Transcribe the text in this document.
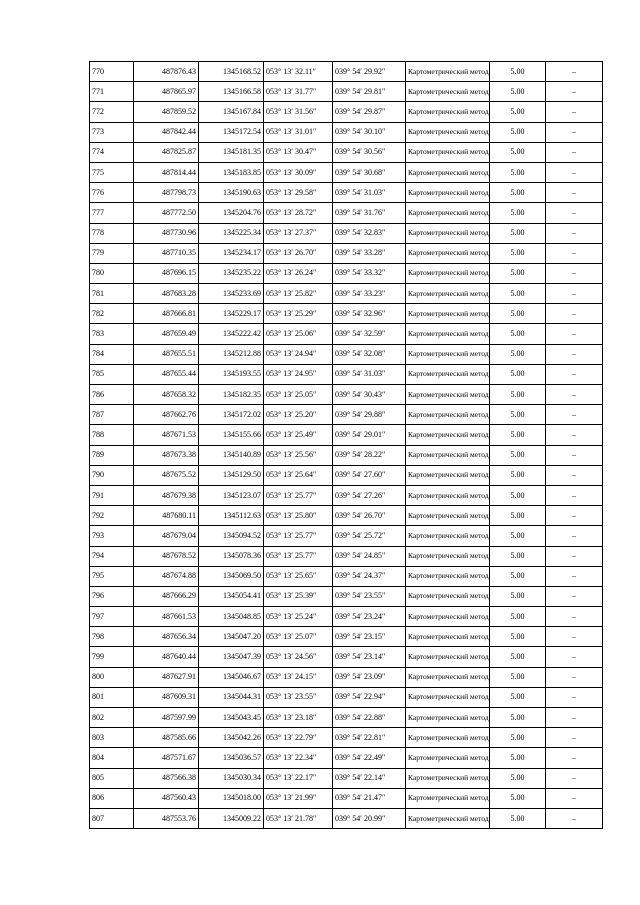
770	487876.43	1345168.52	053° 13′ 32.11″	039° 54′ 29.92″	Картометрический метод	5.00	–
771	487865.97	1345166.58	053° 13′ 31.77″	039° 54′ 29.81″	Картометрический метод	5.00	–
772	487859.52	1345167.84	053° 13′ 31.56″	039° 54′ 29.87″	Картометрический метод	5.00	–
773	487842.44	1345172.54	053° 13′ 31.01″	039° 54′ 30.10″	Картометрический метод	5.00	–
774	487825.87	1345181.35	053° 13′ 30.47″	039° 54′ 30.56″	Картометрический метод	5.00	–
775	487814.44	1345183.85	053° 13′ 30.09″	039° 54′ 30.68″	Картометрический метод	5.00	–
776	487798.73	1345190.63	053° 13′ 29.58″	039° 54′ 31.03″	Картометрический метод	5.00	–
777	487772.50	1345204.76	053° 13′ 28.72″	039° 54′ 31.76″	Картометрический метод	5.00	–
778	487730.96	1345225.34	053° 13′ 27.37″	039° 54′ 32.83″	Картометрический метод	5.00	–
779	487710.35	1345234.17	053° 13′ 26.70″	039° 54′ 33.28″	Картометрический метод	5.00	–
780	487696.15	1345235.22	053° 13′ 26.24″	039° 54′ 33.32″	Картометрический метод	5.00	–
781	487683.28	1345233.69	053° 13′ 25.82″	039° 54′ 33.23″	Картометрический метод	5.00	–
782	487666.81	1345229.17	053° 13′ 25.29″	039° 54′ 32.96″	Картометрический метод	5.00	–
783	487659.49	1345222.42	053° 13′ 25.06″	039° 54′ 32.59″	Картометрический метод	5.00	–
784	487655.51	1345212.88	053° 13′ 24.94″	039° 54′ 32.08″	Картометрический метод	5.00	–
785	487655.44	1345193.55	053° 13′ 24.95″	039° 54′ 31.03″	Картометрический метод	5.00	–
786	487658.32	1345182.35	053° 13′ 25.05″	039° 54′ 30.43″	Картометрический метод	5.00	–
787	487662.76	1345172.02	053° 13′ 25.20″	039° 54′ 29.88″	Картометрический метод	5.00	–
788	487671.53	1345155.66	053° 13′ 25.49″	039° 54′ 29.01″	Картометрический метод	5.00	–
789	487673.38	1345140.89	053° 13′ 25.56″	039° 54′ 28.22″	Картометрический метод	5.00	–
790	487675.52	1345129.50	053° 13′ 25.64″	039° 54′ 27.60″	Картометрический метод	5.00	–
791	487679.38	1345123.07	053° 13′ 25.77″	039° 54′ 27.26″	Картометрический метод	5.00	–
792	487680.11	1345112.63	053° 13′ 25.80″	039° 54′ 26.70″	Картометрический метод	5.00	–
793	487679.04	1345094.52	053° 13′ 25.77″	039° 54′ 25.72″	Картометрический метод	5.00	–
794	487678.52	1345078.36	053° 13′ 25.77″	039° 54′ 24.85″	Картометрический метод	5.00	–
795	487674.88	1345069.50	053° 13′ 25.65″	039° 54′ 24.37″	Картометрический метод	5.00	–
796	487666.29	1345054.41	053° 13′ 25.39″	039° 54′ 23.55″	Картометрический метод	5.00	–
797	487661.53	1345048.85	053° 13′ 25.24″	039° 54′ 23.24″	Картометрический метод	5.00	–
798	487656.34	1345047.20	053° 13′ 25.07″	039° 54′ 23.15″	Картометрический метод	5.00	–
799	487640.44	1345047.39	053° 13′ 24.56″	039° 54′ 23.14″	Картометрический метод	5.00	–
800	487627.91	1345046.67	053° 13′ 24.15″	039° 54′ 23.09″	Картометрический метод	5.00	–
801	487609.31	1345044.31	053° 13′ 23.55″	039° 54′ 22.94″	Картометрический метод	5.00	–
802	487597.99	1345043.45	053° 13′ 23.18″	039° 54′ 22.88″	Картометрический метод	5.00	–
803	487585.66	1345042.26	053° 13′ 22.79″	039° 54′ 22.81″	Картометрический метод	5.00	–
804	487571.67	1345036.57	053° 13′ 22.34″	039° 54′ 22.49″	Картометрический метод	5.00	–
805	487566.38	1345030.34	053° 13′ 22.17″	039° 54′ 22.14″	Картометрический метод	5.00	–
806	487560.43	1345018.00	053° 13′ 21.99″	039° 54′ 21.47″	Картометрический метод	5.00	–
807	487553.76	1345009.22	053° 13′ 21.78″	039° 54′ 20.99″	Картометрический метод	5.00	–
